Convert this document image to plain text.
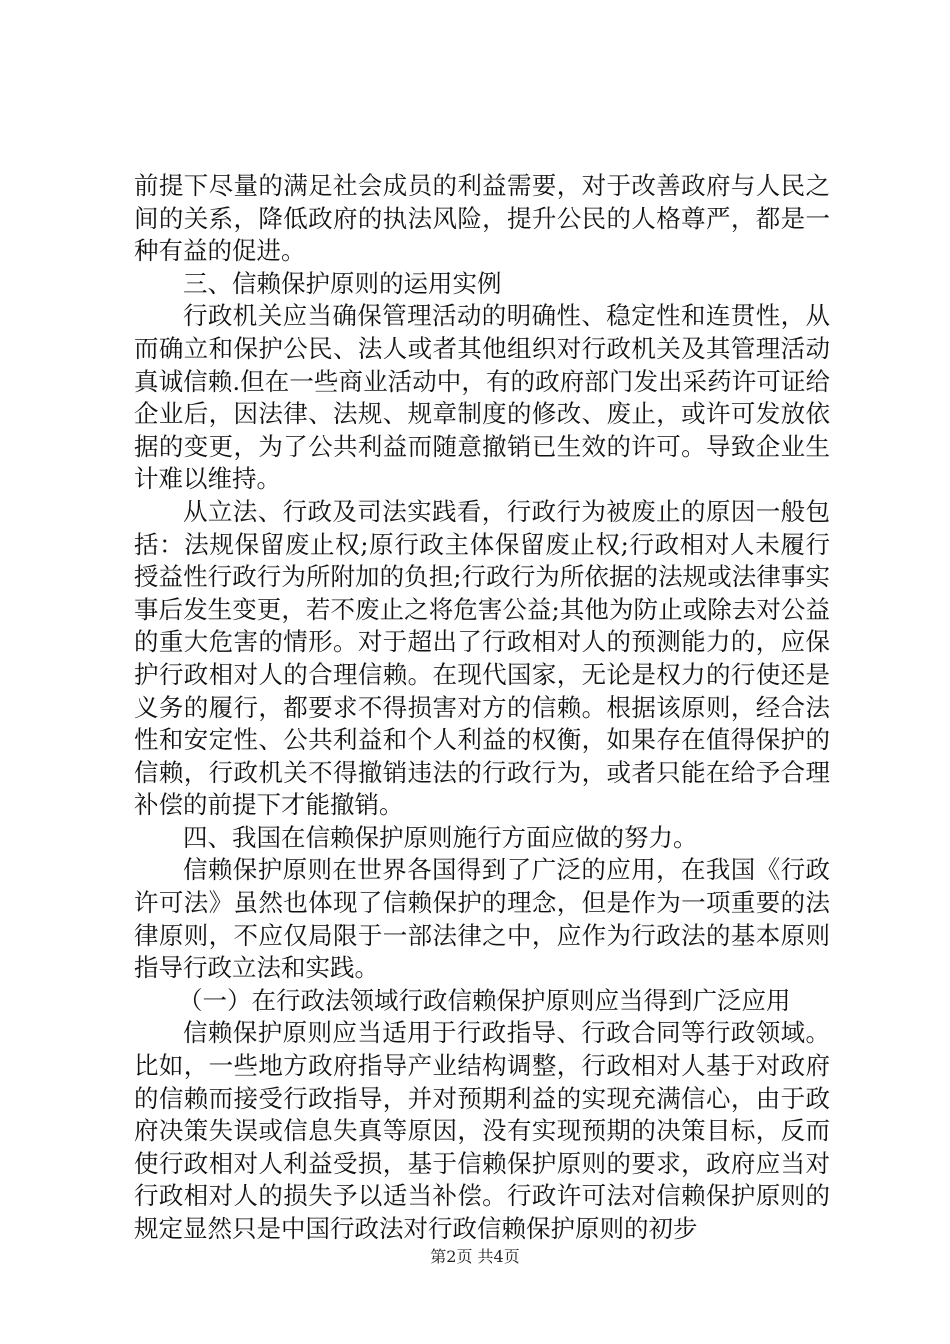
前提下尽量的满足社会成员的利益需要，对于改善政府与人民之间的关系，降低政府的执法风险，提升公民的人格尊严，都是一种有益的促进。

三、信赖保护原则的运用实例

行政机关应当确保管理活动的明确性、稳定性和连贯性，从而确立和保护公民、法人或者其他组织对行政机关及其管理活动真诚信赖.但在一些商业活动中，有的政府部门发出采药许可证给企业后，因法律、法规、规章制度的修改、废止，或许可发放依据的变更，为了公共利益而随意撤销已生效的许可。导致企业生计难以维持。

从立法、行政及司法实践看，行政行为被废止的原因一般包括：法规保留废止权;原行政主体保留废止权;行政相对人未履行授益性行政行为所附加的负担;行政行为所依据的法规或法律事实事后发生变更，若不废止之将危害公益;其他为防止或除去对公益的重大危害的情形。对于超出了行政相对人的预测能力的，应保护行政相对人的合理信赖。在现代国家，无论是权力的行使还是义务的履行，都要求不得损害对方的信赖。根据该原则，经合法性和安定性、公共利益和个人利益的权衡，如果存在值得保护的信赖，行政机关不得撤销违法的行政行为，或者只能在给予合理补偿的前提下才能撤销。

四、我国在信赖保护原则施行方面应做的努力。

信赖保护原则在世界各国得到了广泛的应用，在我国《行政许可法》虽然也体现了信赖保护的理念，但是作为一项重要的法律原则，不应仅局限于一部法律之中，应作为行政法的基本原则指导行政立法和实践。

（一）在行政法领域行政信赖保护原则应当得到广泛应用

信赖保护原则应当适用于行政指导、行政合同等行政领域。比如，一些地方政府指导产业结构调整，行政相对人基于对政府的信赖而接受行政指导，并对预期利益的实现充满信心，由于政府决策失误或信息失真等原因，没有实现预期的决策目标，反而使行政相对人利益受损，基于信赖保护原则的要求，政府应当对行政相对人的损失予以适当补偿。行政许可法对信赖保护原则的规定显然只是中国行政法对行政信赖保护原则的初步

第2页 共4页
